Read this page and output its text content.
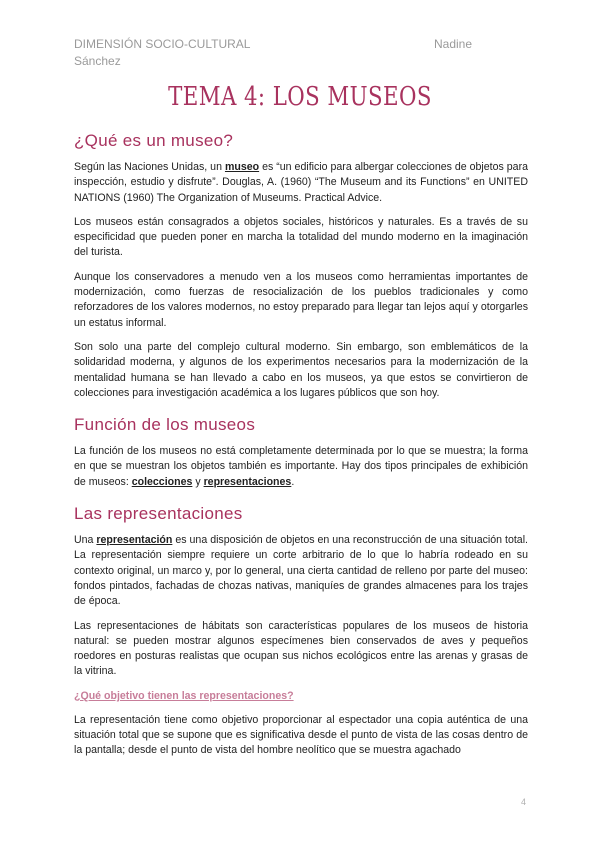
DIMENSIÓN SOCIO-CULTURAL	Nadine
Sánchez
TEMA 4: LOS MUSEOS
¿Qué es un museo?

Según las Naciones Unidas, un museo es “un edificio para albergar colecciones de objetos para inspección, estudio y disfrute”. Douglas, A. (1960) “The Museum and its Functions” en UNITED NATIONS (1960) The Organization of Museums. Practical Advice.

Los museos están consagrados a objetos sociales, históricos y naturales. Es a través de su especificidad que pueden poner en marcha la totalidad del mundo moderno en la imaginación del turista.

Aunque los conservadores a menudo ven a los museos como herramientas importantes de modernización, como fuerzas de resocialización de los pueblos tradicionales y como reforzadores de los valores modernos, no estoy preparado para llegar tan lejos aquí y otorgarles un estatus informal.

Son solo una parte del complejo cultural moderno. Sin embargo, son emblemáticos de la solidaridad moderna, y algunos de los experimentos necesarios para la modernización de la mentalidad humana se han llevado a cabo en los museos, ya que estos se convirtieron de colecciones para investigación académica a los lugares públicos que son hoy.

Función de los museos

La función de los museos no está completamente determinada por lo que se muestra; la forma en que se muestran los objetos también es importante. Hay dos tipos principales de exhibición de museos: colecciones y representaciones.

Las representaciones

Una representación es una disposición de objetos en una reconstrucción de una situación total. La representación siempre requiere un corte arbitrario de lo que lo habría rodeado en su contexto original, un marco y, por lo general, una cierta cantidad de relleno por parte del museo: fondos pintados, fachadas de chozas nativas, maniquíes de grandes almacenes para los trajes de época.

Las representaciones de hábitats son características populares de los museos de historia natural: se pueden mostrar algunos especímenes bien conservados de aves y pequeños roedores en posturas realistas que ocupan sus nichos ecológicos entre las arenas y grasas de la vitrina.

¿Qué objetivo tienen las representaciones?

La representación tiene como objetivo proporcionar al espectador una copia auténtica de una situación total que se supone que es significativa desde el punto de vista de las cosas dentro de la pantalla; desde el punto de vista del hombre neolítico que se muestra agachado

4
